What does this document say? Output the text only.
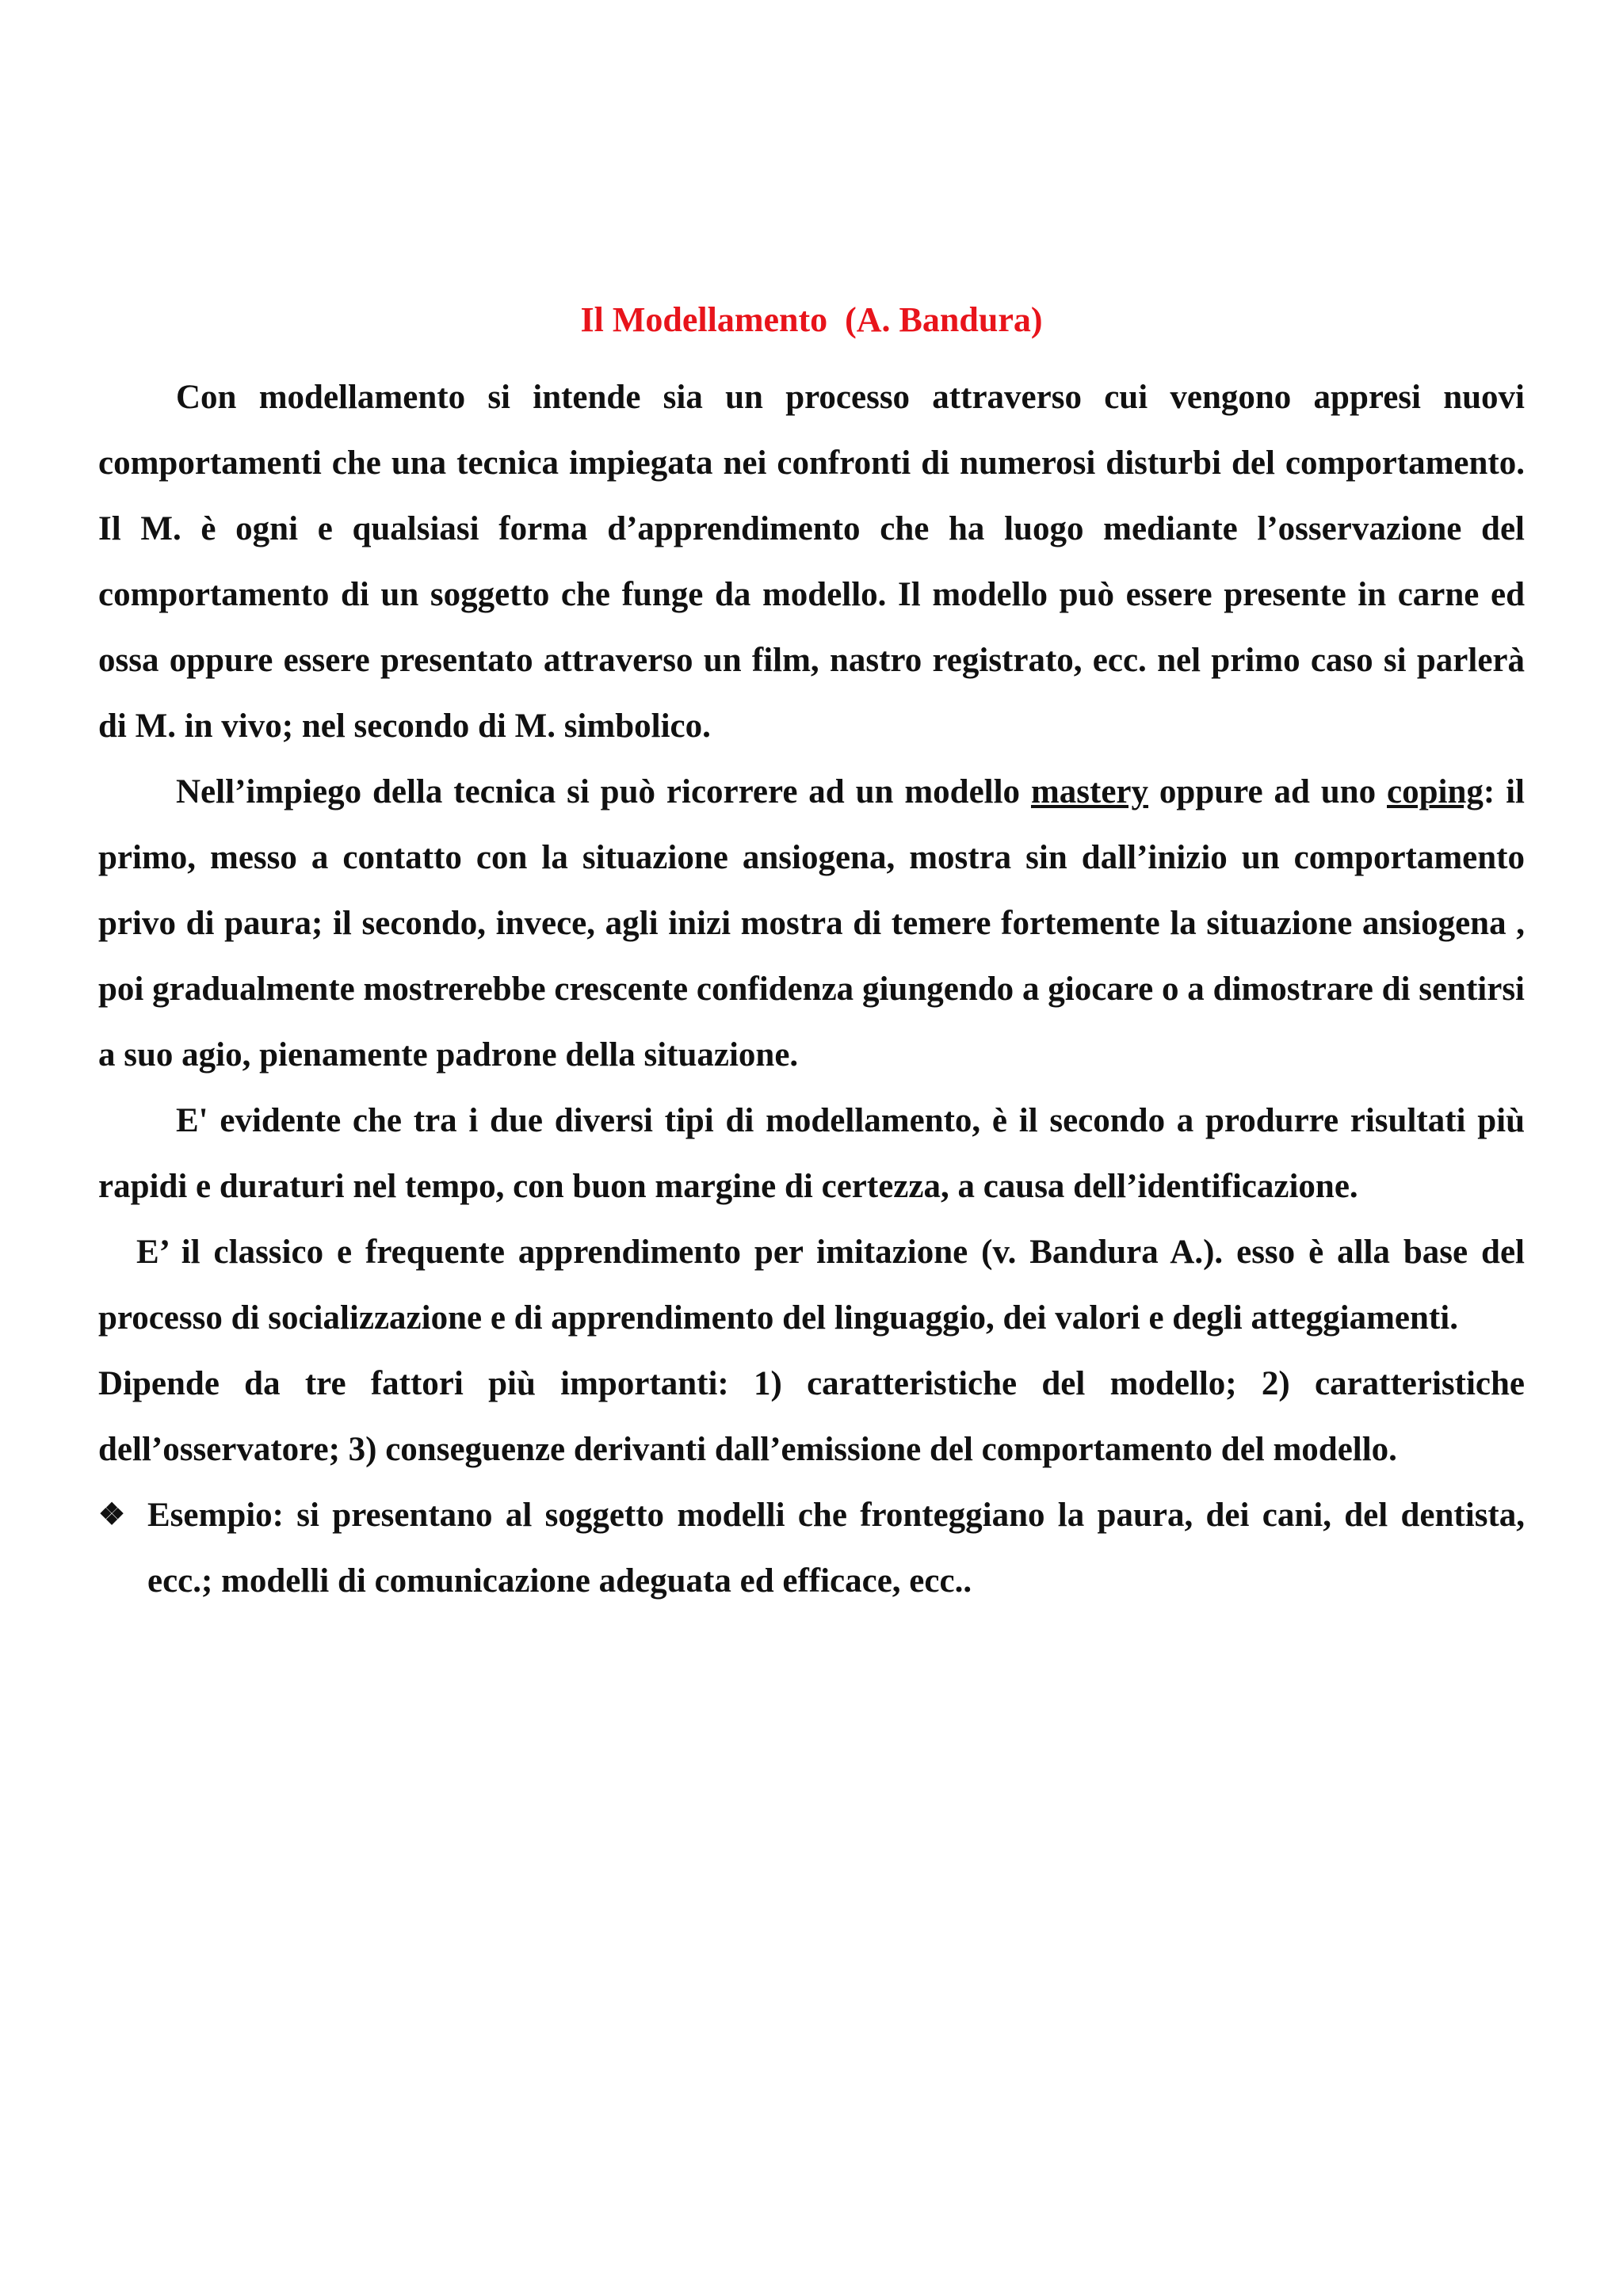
Il Modellamento  (A. Bandura)

Con modellamento si intende sia un processo attraverso cui vengono appresi nuovi comportamenti che una tecnica impiegata nei confronti di numerosi disturbi del comportamento. Il M. è ogni e qualsiasi forma d’apprendimento che ha luogo mediante l’osservazione del comportamento di un soggetto che funge da modello. Il modello può essere presente in carne ed ossa oppure essere presentato attraverso un film, nastro registrato, ecc. nel primo caso si parlerà di M. in vivo; nel secondo di M. simbolico.

Nell’impiego della tecnica si può ricorrere ad un modello mastery oppure ad uno coping: il primo, messo a contatto con la situazione ansiogena, mostra sin dall’inizio un comportamento privo di paura; il secondo, invece, agli inizi mostra di temere fortemente la situazione ansiogena , poi gradualmente mostrerebbe crescente confidenza giungendo a giocare o a dimostrare di sentirsi a suo agio, pienamente padrone della situazione.

E' evidente che tra i due diversi tipi di modellamento, è il secondo a produrre risultati più rapidi e duraturi nel tempo, con buon margine di certezza, a causa dell’identificazione.

E’ il classico e frequente apprendimento per imitazione (v. Bandura A.). esso è alla base del processo di socializzazione e di apprendimento del linguaggio, dei valori e degli atteggiamenti.

Dipende da tre fattori più importanti: 1) caratteristiche del modello; 2) caratteristiche dell’osservatore; 3) conseguenze derivanti dall’emissione del comportamento del modello.

❖ Esempio: si presentano al soggetto modelli che fronteggiano la paura, dei cani, del dentista, ecc.; modelli di comunicazione adeguata ed efficace, ecc..
